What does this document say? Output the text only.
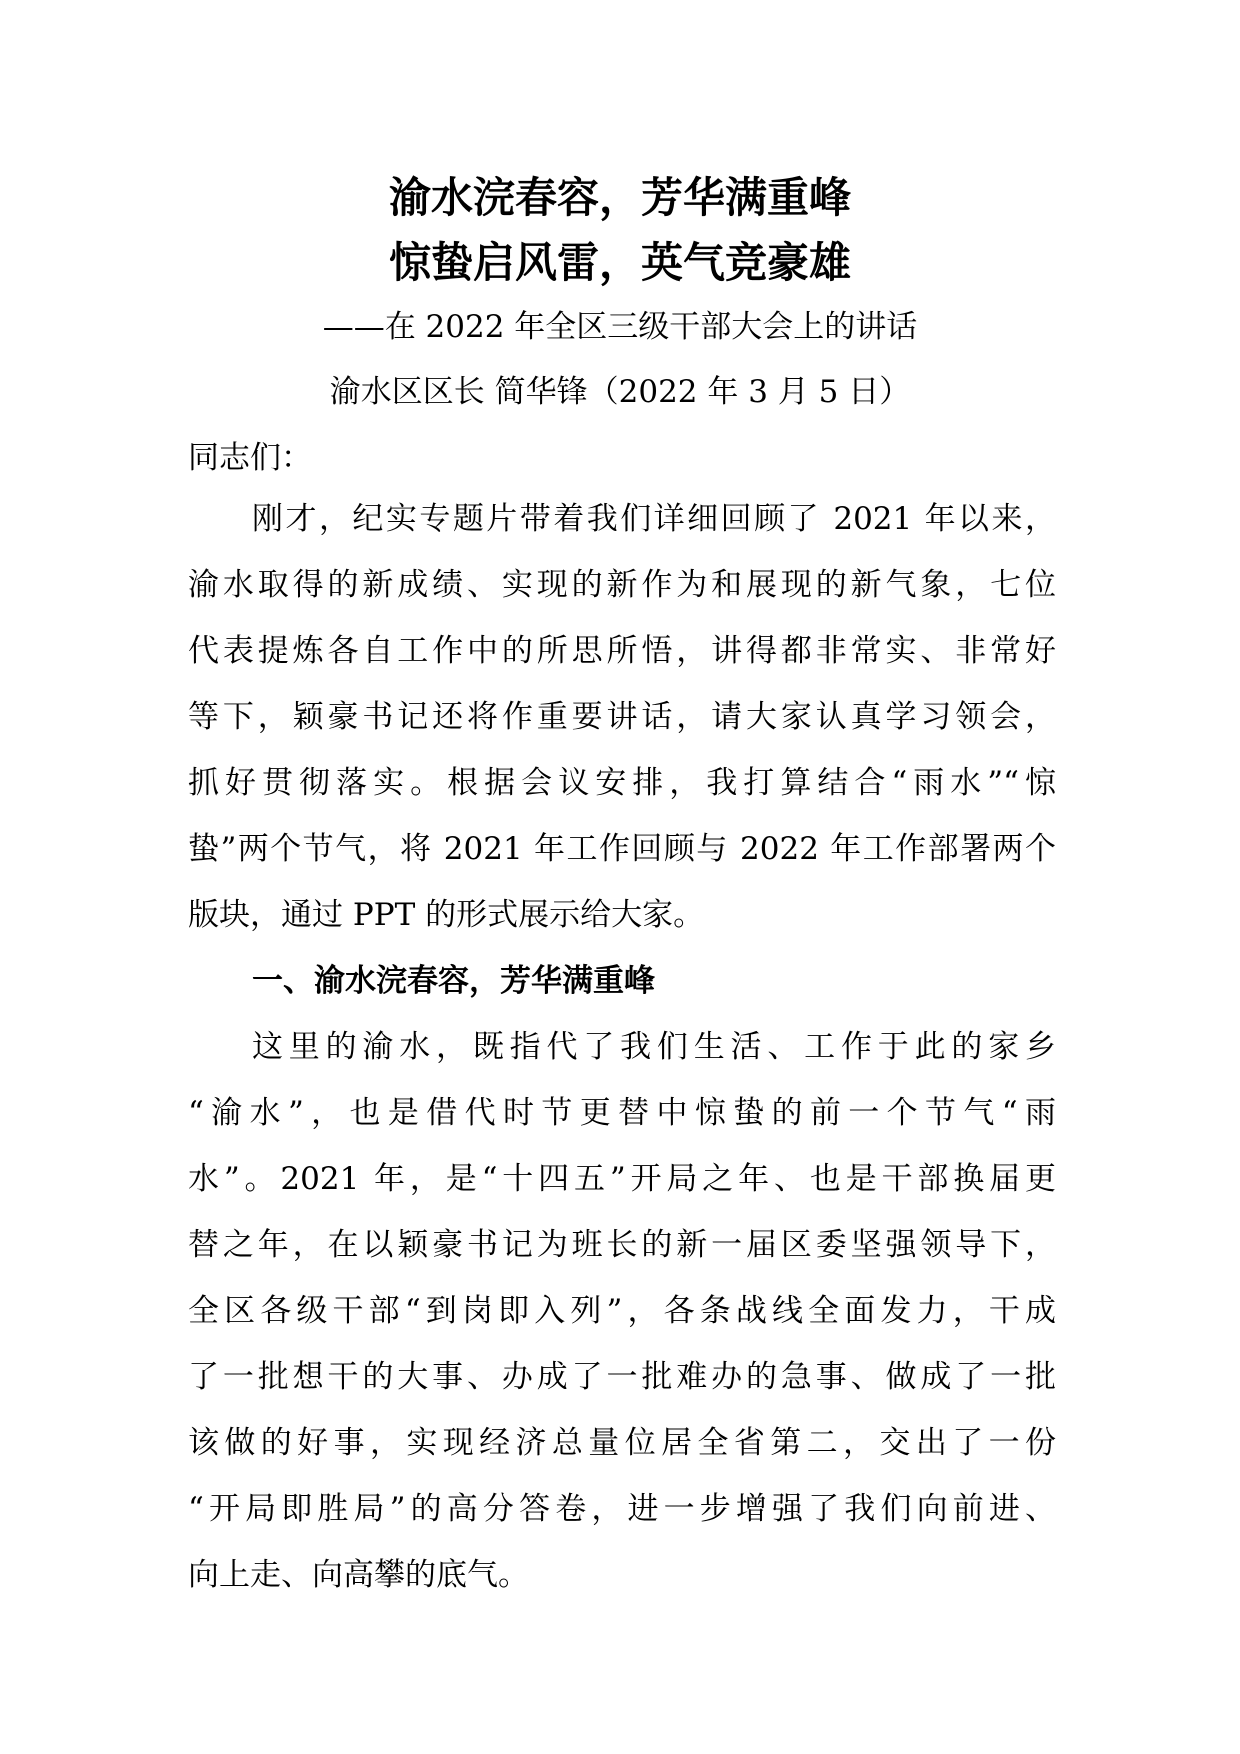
渝水浣春容，芳华满重峰
惊蛰启风雷，英气竞豪雄
——在 2022 年全区三级干部大会上的讲话
渝水区区长 简华锋（2022 年 3 月 5 日）
同志们：

刚才，纪实专题片带着我们详细回顾了 2021 年以来，
渝水取得的新成绩、实现的新作为和展现的新气象，七位
代表提炼各自工作中的所思所悟，讲得都非常实、非常好
等下，颖豪书记还将作重要讲话，请大家认真学习领会，
抓好贯彻落实。根据会议安排，我打算结合“雨水”“惊
蛰”两个节气，将 2021 年工作回顾与 2022 年工作部署两个
版块，通过 PPT 的形式展示给大家。

一、渝水浣春容，芳华满重峰

这里的渝水，既指代了我们生活、工作于此的家乡
“渝水”，也是借代时节更替中惊蛰的前一个节气“雨
水”。2021 年，是“十四五”开局之年、也是干部换届更
替之年，在以颖豪书记为班长的新一届区委坚强领导下，
全区各级干部“到岗即入列”，各条战线全面发力，干成
了一批想干的大事、办成了一批难办的急事、做成了一批
该做的好事，实现经济总量位居全省第二，交出了一份
“开局即胜局”的高分答卷，进一步增强了我们向前进、
向上走、向高攀的底气。
